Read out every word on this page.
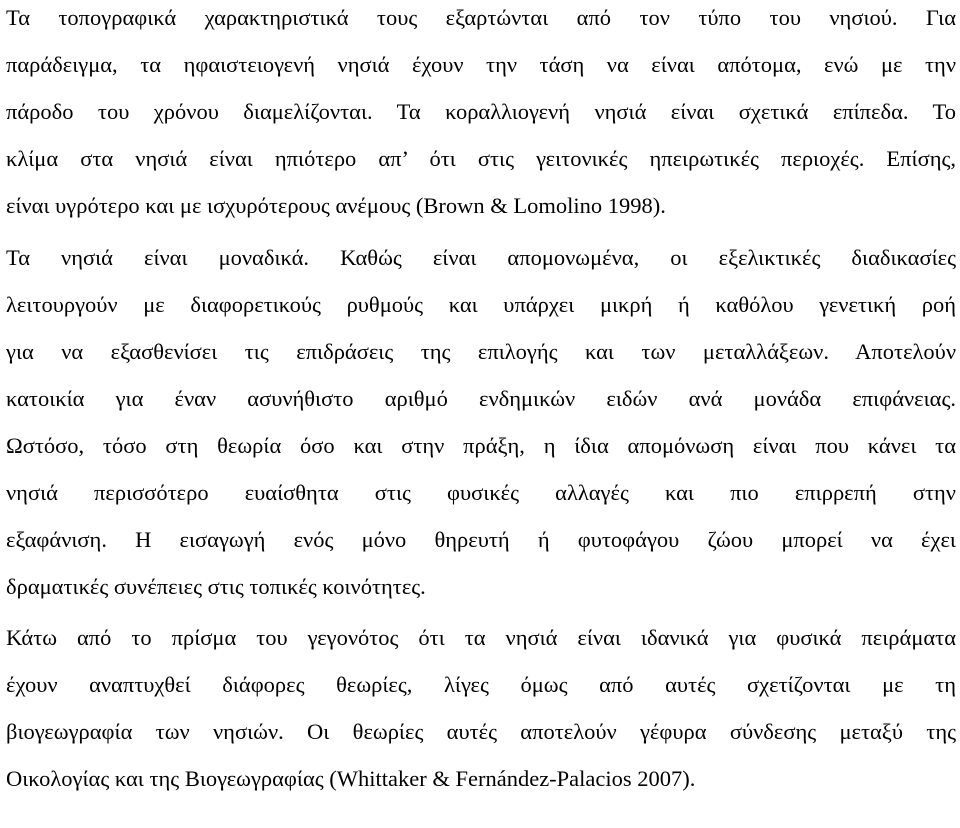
Τα τοπογραφικά χαρακτηριστικά τους εξαρτώνται από τον τύπο του νησιού. Για
παράδειγμα, τα ηφαιστειογενή νησιά έχουν την τάση να είναι απότομα, ενώ με την
πάροδο του χρόνου διαμελίζονται. Τα κοραλλιογενή νησιά είναι σχετικά επίπεδα. Το
κλίμα στα νησιά είναι ηπιότερο απ’ ότι στις γειτονικές ηπειρωτικές περιοχές. Επίσης,
είναι υγρότερο και με ισχυρότερους ανέμους (Brown & Lomolino 1998).
Τα νησιά είναι μοναδικά. Καθώς είναι απομονωμένα, οι εξελικτικές διαδικασίες
λειτουργούν με διαφορετικούς ρυθμούς και υπάρχει μικρή ή καθόλου γενετική ροή
για να εξασθενίσει τις επιδράσεις της επιλογής και των μεταλλάξεων. Αποτελούν
κατοικία για έναν ασυνήθιστο αριθμό ενδημικών ειδών ανά μονάδα επιφάνειας.
Ωστόσο, τόσο στη θεωρία όσο και στην πράξη, η ίδια απομόνωση είναι που κάνει τα
νησιά περισσότερο ευαίσθητα στις φυσικές αλλαγές και πιο επιρρεπή στην
εξαφάνιση. Η εισαγωγή ενός μόνο θηρευτή ή φυτοφάγου ζώου μπορεί να έχει
δραματικές συνέπειες στις τοπικές κοινότητες.
Κάτω από το πρίσμα του γεγονότος ότι τα νησιά είναι ιδανικά για φυσικά πειράματα
έχουν αναπτυχθεί διάφορες θεωρίες, λίγες όμως από αυτές σχετίζονται με τη
βιογεωγραφία των νησιών. Οι θεωρίες αυτές αποτελούν γέφυρα σύνδεσης μεταξύ της
Οικολογίας και της Βιογεωγραφίας (Whittaker & Fernández-Palacios 2007).
